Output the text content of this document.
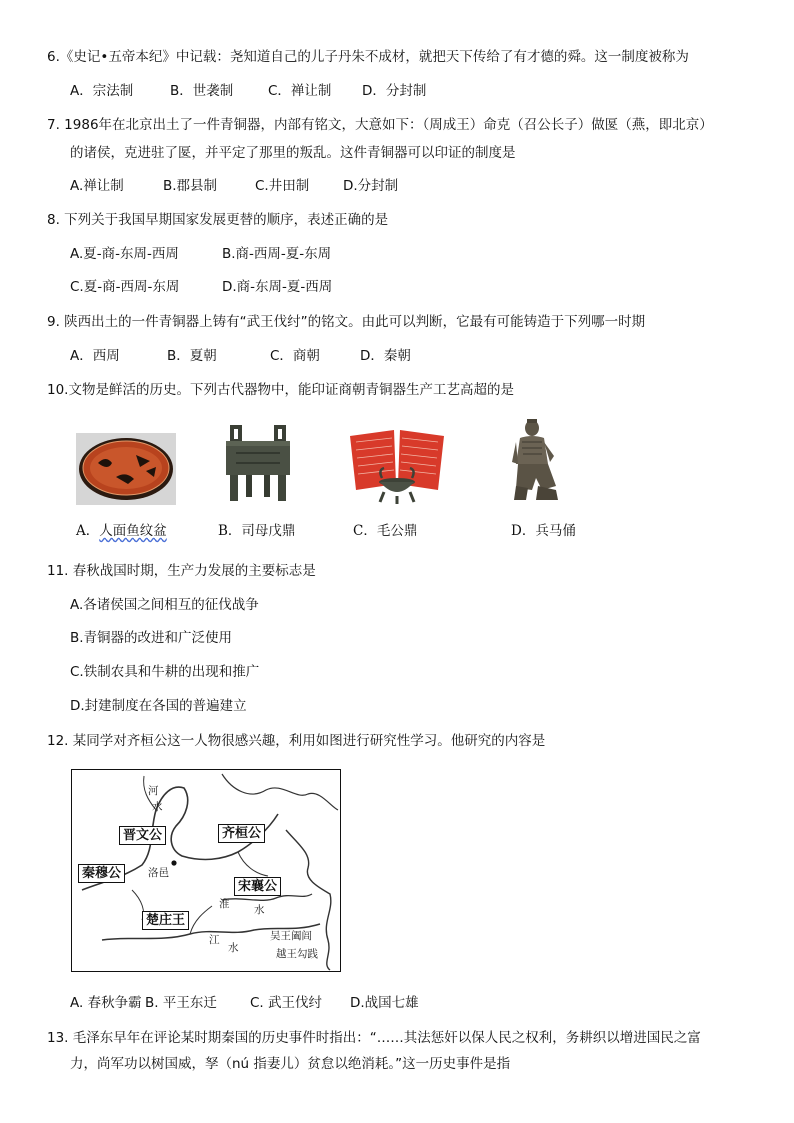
6.《史记•五帝本纪》中记载：尧知道自己的儿子丹朱不成材，就把天下传给了有才德的舜。这一制度被称为
A．宗法制	B．世袭制	C．禅让制 D．分封制
7. 1986年在北京出土了一件青铜器，内部有铭文，大意如下：（周成王）命克（召公长子）做匽（燕，即北京）
的诸侯，克进驻了匽，并平定了那里的叛乱。这件青铜器可以印证的制度是
A.禅让制	B.郡县制	C.井田制	D.分封制
8. 下列关于我国早期国家发展更替的顺序，表述正确的是
A.夏-商-东周-西周	B.商-西周-夏-东周
C.夏-商-西周-东周	D.商-东周-夏-西周
9. 陕西出土的一件青铜器上铸有“武王伐纣”的铭文。由此可以判断，它最有可能铸造于下列哪一时期
A．西周	B．夏朝	C．商朝	D．秦朝
10.文物是鲜活的历史。下列古代器物中，能印证商朝青铜器生产工艺高超的是
A．人面鱼纹盆	B．司母戊鼎	C．毛公鼎	D．兵马俑
11. 春秋战国时期，生产力发展的主要标志是
A.各诸侯国之间相互的征伐战争
B.青铜器的改进和广泛使用
C.铁制农具和牛耕的出现和推广
D.封建制度在各国的普遍建立
12. 某同学对齐桓公这一人物很感兴趣，利用如图进行研究性学习。他研究的内容是
晋文公	齐桓公
秦穆公
宋襄公
楚庄王
河
水
洛邑
淮 水
江
水
吴王阖闾
越王勾践
A. 春秋争霸 B. 平王东迁 C. 武王伐纣 D.战国七雄
13. 毛泽东早年在评论某时期秦国的历史事件时指出：“……其法惩奸以保人民之权利，务耕织以增进国民之富
力，尚军功以树国威，孥（nú 指妻儿）贫怠以绝消耗。”这一历史事件是指
